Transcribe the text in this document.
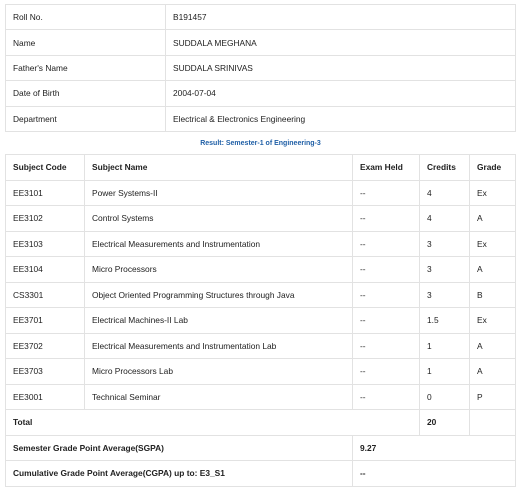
Roll No.	B191457
Name	SUDDALA MEGHANA
Father's Name	SUDDALA SRINIVAS
Date of Birth	2004-07-04
Department	Electrical & Electronics Engineering
Result: Semester-1 of Engineering-3
Subject Code	Subject Name	Exam Held	Credits	Grade
EE3101	Power Systems-II	--	4	Ex
EE3102	Control Systems	--	4	A
EE3103	Electrical Measurements and Instrumentation	--	3	Ex
EE3104	Micro Processors	--	3	A
CS3301	Object Oriented Programming Structures through Java	--	3	B
EE3701	Electrical Machines-II Lab	--	1.5	Ex
EE3702	Electrical Measurements and Instrumentation Lab	--	1	A
EE3703	Micro Processors Lab	--	1	A
EE3001	Technical Seminar	--	0	P
Total			20	
Semester Grade Point Average(SGPA)		9.27		
Cumulative Grade Point Average(CGPA) up to: E3_S1		--		
